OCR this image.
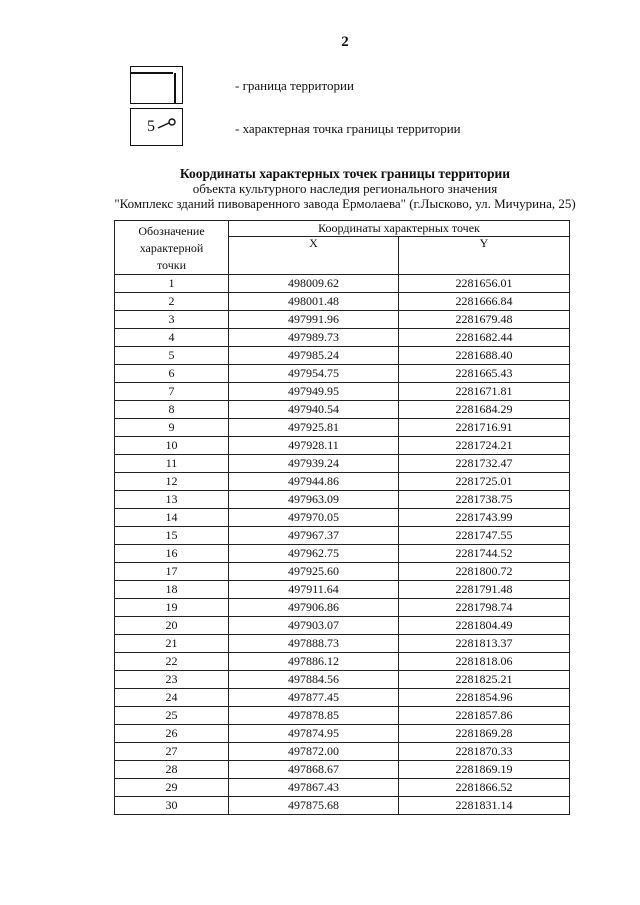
2
- граница территории
5	- характерная точка границы территории
Координаты характерных точек границы территории
объекта культурного наследия регионального значения
"Комплекс зданий пивоваренного завода Ермолаева" (г.Лысково, ул. Мичурина, 25)
Обозначение
характерной
точки	Координаты характерных точек	
	X	Y
1	498009.62	2281656.01
2	498001.48	2281666.84
3	497991.96	2281679.48
4	497989.73	2281682.44
5	497985.24	2281688.40
6	497954.75	2281665.43
7	497949.95	2281671.81
8	497940.54	2281684.29
9	497925.81	2281716.91
10	497928.11	2281724.21
11	497939.24	2281732.47
12	497944.86	2281725.01
13	497963.09	2281738.75
14	497970.05	2281743.99
15	497967.37	2281747.55
16	497962.75	2281744.52
17	497925.60	2281800.72
18	497911.64	2281791.48
19	497906.86	2281798.74
20	497903.07	2281804.49
21	497888.73	2281813.37
22	497886.12	2281818.06
23	497884.56	2281825.21
24	497877.45	2281854.96
25	497878.85	2281857.86
26	497874.95	2281869.28
27	497872.00	2281870.33
28	497868.67	2281869.19
29	497867.43	2281866.52
30	497875.68	2281831.14
